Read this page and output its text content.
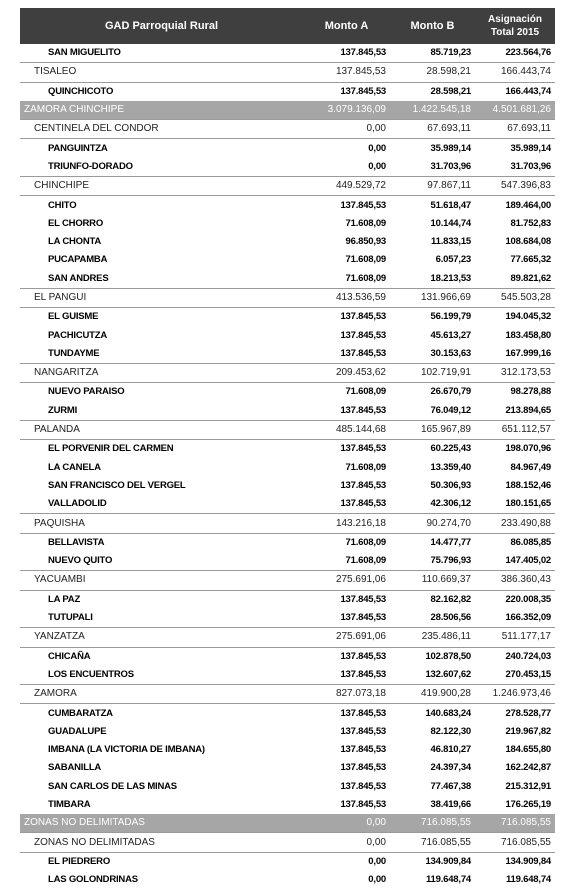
GAD Parroquial Rural	Monto A	Monto B	Asignación
Total 2015
SAN MIGUELITO	137.845,53	85.719,23	223.564,76
TISALEO	137.845,53	28.598,21	166.443,74
QUINCHICOTO	137.845,53	28.598,21	166.443,74
ZAMORA CHINCHIPE	3.079.136,09	1.422.545,18	4.501.681,26
CENTINELA DEL CONDOR	0,00	67.693,11	67.693,11
PANGUINTZA	0,00	35.989,14	35.989,14
TRIUNFO-DORADO	0,00	31.703,96	31.703,96
CHINCHIPE	449.529,72	97.867,11	547.396,83
CHITO	137.845,53	51.618,47	189.464,00
EL CHORRO	71.608,09	10.144,74	81.752,83
LA CHONTA	96.850,93	11.833,15	108.684,08
PUCAPAMBA	71.608,09	6.057,23	77.665,32
SAN ANDRES	71.608,09	18.213,53	89.821,62
EL PANGUI	413.536,59	131.966,69	545.503,28
EL GUISME	137.845,53	56.199,79	194.045,32
PACHICUTZA	137.845,53	45.613,27	183.458,80
TUNDAYME	137.845,53	30.153,63	167.999,16
NANGARITZA	209.453,62	102.719,91	312.173,53
NUEVO PARAISO	71.608,09	26.670,79	98.278,88
ZURMI	137.845,53	76.049,12	213.894,65
PALANDA	485.144,68	165.967,89	651.112,57
EL PORVENIR DEL CARMEN	137.845,53	60.225,43	198.070,96
LA CANELA	71.608,09	13.359,40	84.967,49
SAN FRANCISCO DEL VERGEL	137.845,53	50.306,93	188.152,46
VALLADOLID	137.845,53	42.306,12	180.151,65
PAQUISHA	143.216,18	90.274,70	233.490,88
BELLAVISTA	71.608,09	14.477,77	86.085,85
NUEVO QUITO	71.608,09	75.796,93	147.405,02
YACUAMBI	275.691,06	110.669,37	386.360,43
LA PAZ	137.845,53	82.162,82	220.008,35
TUTUPALI	137.845,53	28.506,56	166.352,09
YANZATZA	275.691,06	235.486,11	511.177,17
CHICAÑA	137.845,53	102.878,50	240.724,03
LOS ENCUENTROS	137.845,53	132.607,62	270.453,15
ZAMORA	827.073,18	419.900,28	1.246.973,46
CUMBARATZA	137.845,53	140.683,24	278.528,77
GUADALUPE	137.845,53	82.122,30	219.967,82
IMBANA (LA VICTORIA DE IMBANA)	137.845,53	46.810,27	184.655,80
SABANILLA	137.845,53	24.397,34	162.242,87
SAN CARLOS DE LAS MINAS	137.845,53	77.467,38	215.312,91
TIMBARA	137.845,53	38.419,66	176.265,19
ZONAS NO DELIMITADAS	0,00	716.085,55	716.085,55
ZONAS NO DELIMITADAS	0,00	716.085,55	716.085,55
EL PIEDRERO	0,00	134.909,84	134.909,84
LAS GOLONDRINAS	0,00	119.648,74	119.648,74
